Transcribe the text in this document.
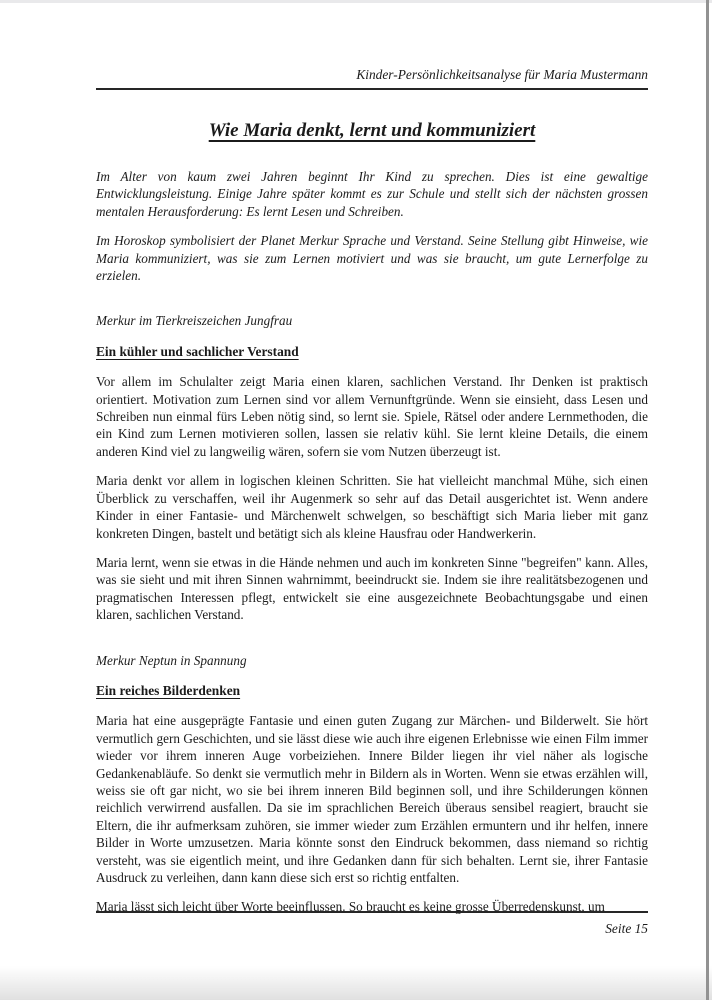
Kinder-Persönlichkeitsanalyse für Maria Mustermann
Wie Maria denkt, lernt und kommuniziert

Im Alter von kaum zwei Jahren beginnt Ihr Kind zu sprechen. Dies ist eine gewaltige Entwicklungsleistung. Einige Jahre später kommt es zur Schule und stellt sich der nächsten grossen mentalen Herausforderung: Es lernt Lesen und Schreiben.

Im Horoskop symbolisiert der Planet Merkur Sprache und Verstand. Seine Stellung gibt Hinweise, wie Maria kommuniziert, was sie zum Lernen motiviert und was sie braucht, um gute Lernerfolge zu erzielen.

Merkur im Tierkreiszeichen Jungfrau

Ein kühler und sachlicher Verstand

Vor allem im Schulalter zeigt Maria einen klaren, sachlichen Verstand. Ihr Denken ist praktisch orientiert. Motivation zum Lernen sind vor allem Vernunftgründe. Wenn sie einsieht, dass Lesen und Schreiben nun einmal fürs Leben nötig sind, so lernt sie. Spiele, Rätsel oder andere Lernmethoden, die ein Kind zum Lernen motivieren sollen, lassen sie relativ kühl. Sie lernt kleine Details, die einem anderen Kind viel zu langweilig wären, sofern sie vom Nutzen überzeugt ist.

Maria denkt vor allem in logischen kleinen Schritten. Sie hat vielleicht manchmal Mühe, sich einen Überblick zu verschaffen, weil ihr Augenmerk so sehr auf das Detail ausgerichtet ist. Wenn andere Kinder in einer Fantasie- und Märchenwelt schwelgen, so beschäftigt sich Maria lieber mit ganz konkreten Dingen, bastelt und betätigt sich als kleine Hausfrau oder Handwerkerin.

Maria lernt, wenn sie etwas in die Hände nehmen und auch im konkreten Sinne "begreifen" kann. Alles, was sie sieht und mit ihren Sinnen wahrnimmt, beeindruckt sie. Indem sie ihre realitätsbezogenen und pragmatischen Interessen pflegt, entwickelt sie eine ausgezeichnete Beobachtungsgabe und einen klaren, sachlichen Verstand.

Merkur Neptun in Spannung

Ein reiches Bilderdenken

Maria hat eine ausgeprägte Fantasie und einen guten Zugang zur Märchen- und Bilderwelt. Sie hört vermutlich gern Geschichten, und sie lässt diese wie auch ihre eigenen Erlebnisse wie einen Film immer wieder vor ihrem inneren Auge vorbeiziehen. Innere Bilder liegen ihr viel näher als logische Gedankenabläufe. So denkt sie vermutlich mehr in Bildern als in Worten. Wenn sie etwas erzählen will, weiss sie oft gar nicht, wo sie bei ihrem inneren Bild beginnen soll, und ihre Schilderungen können reichlich verwirrend ausfallen. Da sie im sprachlichen Bereich überaus sensibel reagiert, braucht sie Eltern, die ihr aufmerksam zuhören, sie immer wieder zum Erzählen ermuntern und ihr helfen, innere Bilder in Worte umzusetzen. Maria könnte sonst den Eindruck bekommen, dass niemand so richtig versteht, was sie eigentlich meint, und ihre Gedanken dann für sich behalten. Lernt sie, ihrer Fantasie Ausdruck zu verleihen, dann kann diese sich erst so richtig entfalten.

Maria lässt sich leicht über Worte beeinflussen. So braucht es keine grosse Überredenskunst, um

Seite 15
